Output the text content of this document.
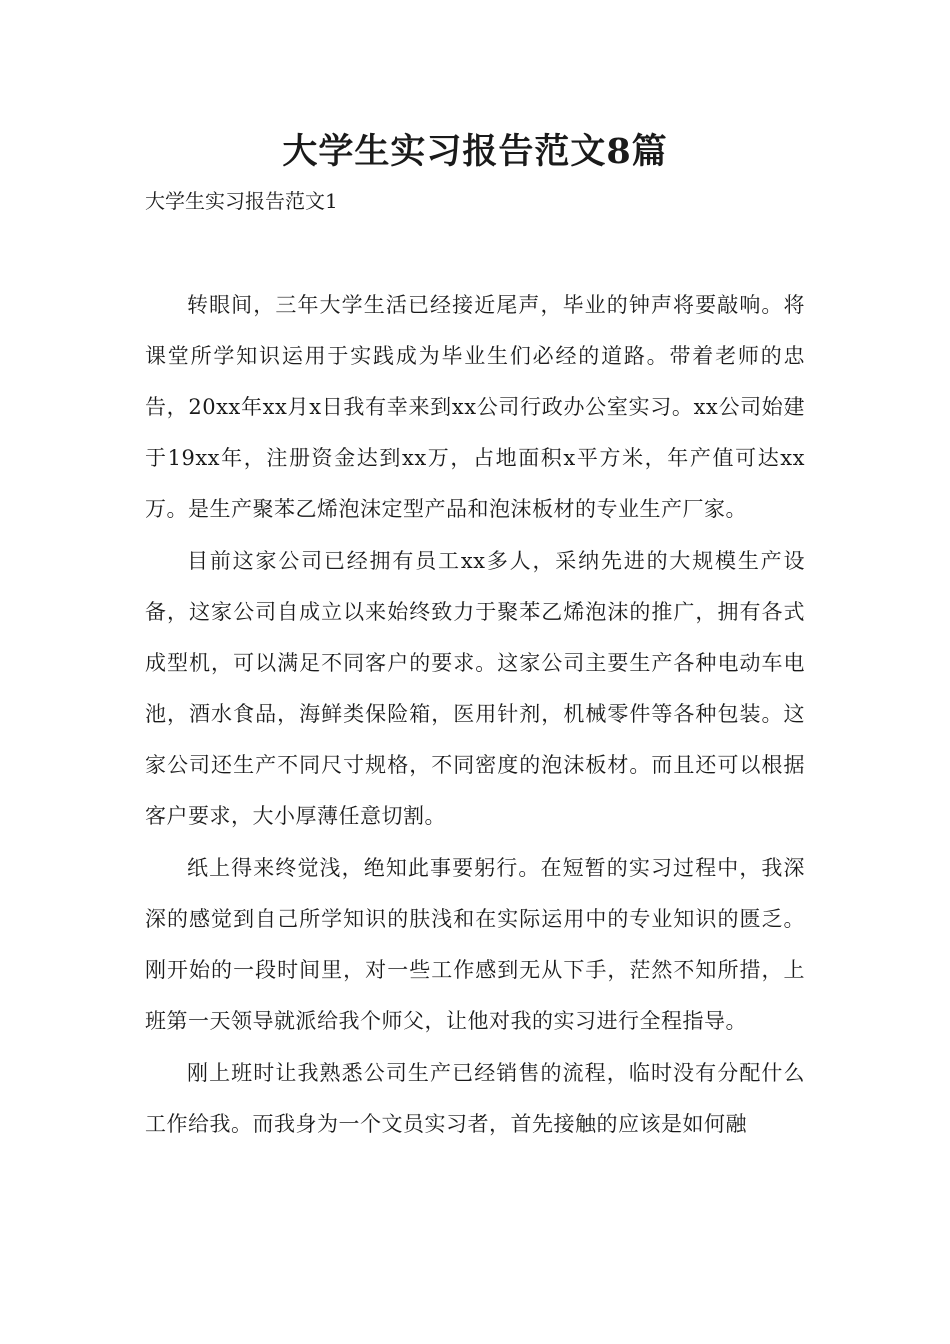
大学生实习报告范文8篇
大学生实习报告范文1

转眼间，三年大学生活已经接近尾声，毕业的钟声将要敲响。将课堂所学知识运用于实践成为毕业生们必经的道路。带着老师的忠告，20xx年xx月x日我有幸来到xx公司行政办公室实习。xx公司始建于19xx年，注册资金达到xx万，占地面积x平方米，年产值可达xx万。是生产聚苯乙烯泡沫定型产品和泡沫板材的专业生产厂家。

目前这家公司已经拥有员工xx多人，采纳先进的大规模生产设备，这家公司自成立以来始终致力于聚苯乙烯泡沫的推广，拥有各式成型机，可以满足不同客户的要求。这家公司主要生产各种电动车电池，酒水食品，海鲜类保险箱，医用针剂，机械零件等各种包装。这家公司还生产不同尺寸规格，不同密度的泡沫板材。而且还可以根据客户要求，大小厚薄任意切割。

纸上得来终觉浅，绝知此事要躬行。在短暂的实习过程中，我深深的感觉到自己所学知识的肤浅和在实际运用中的专业知识的匮乏。刚开始的一段时间里，对一些工作感到无从下手，茫然不知所措，上班第一天领导就派给我个师父，让他对我的实习进行全程指导。

刚上班时让我熟悉公司生产已经销售的流程，临时没有分配什么工作给我。而我身为一个文员实习者，首先接触的应该是如何融
